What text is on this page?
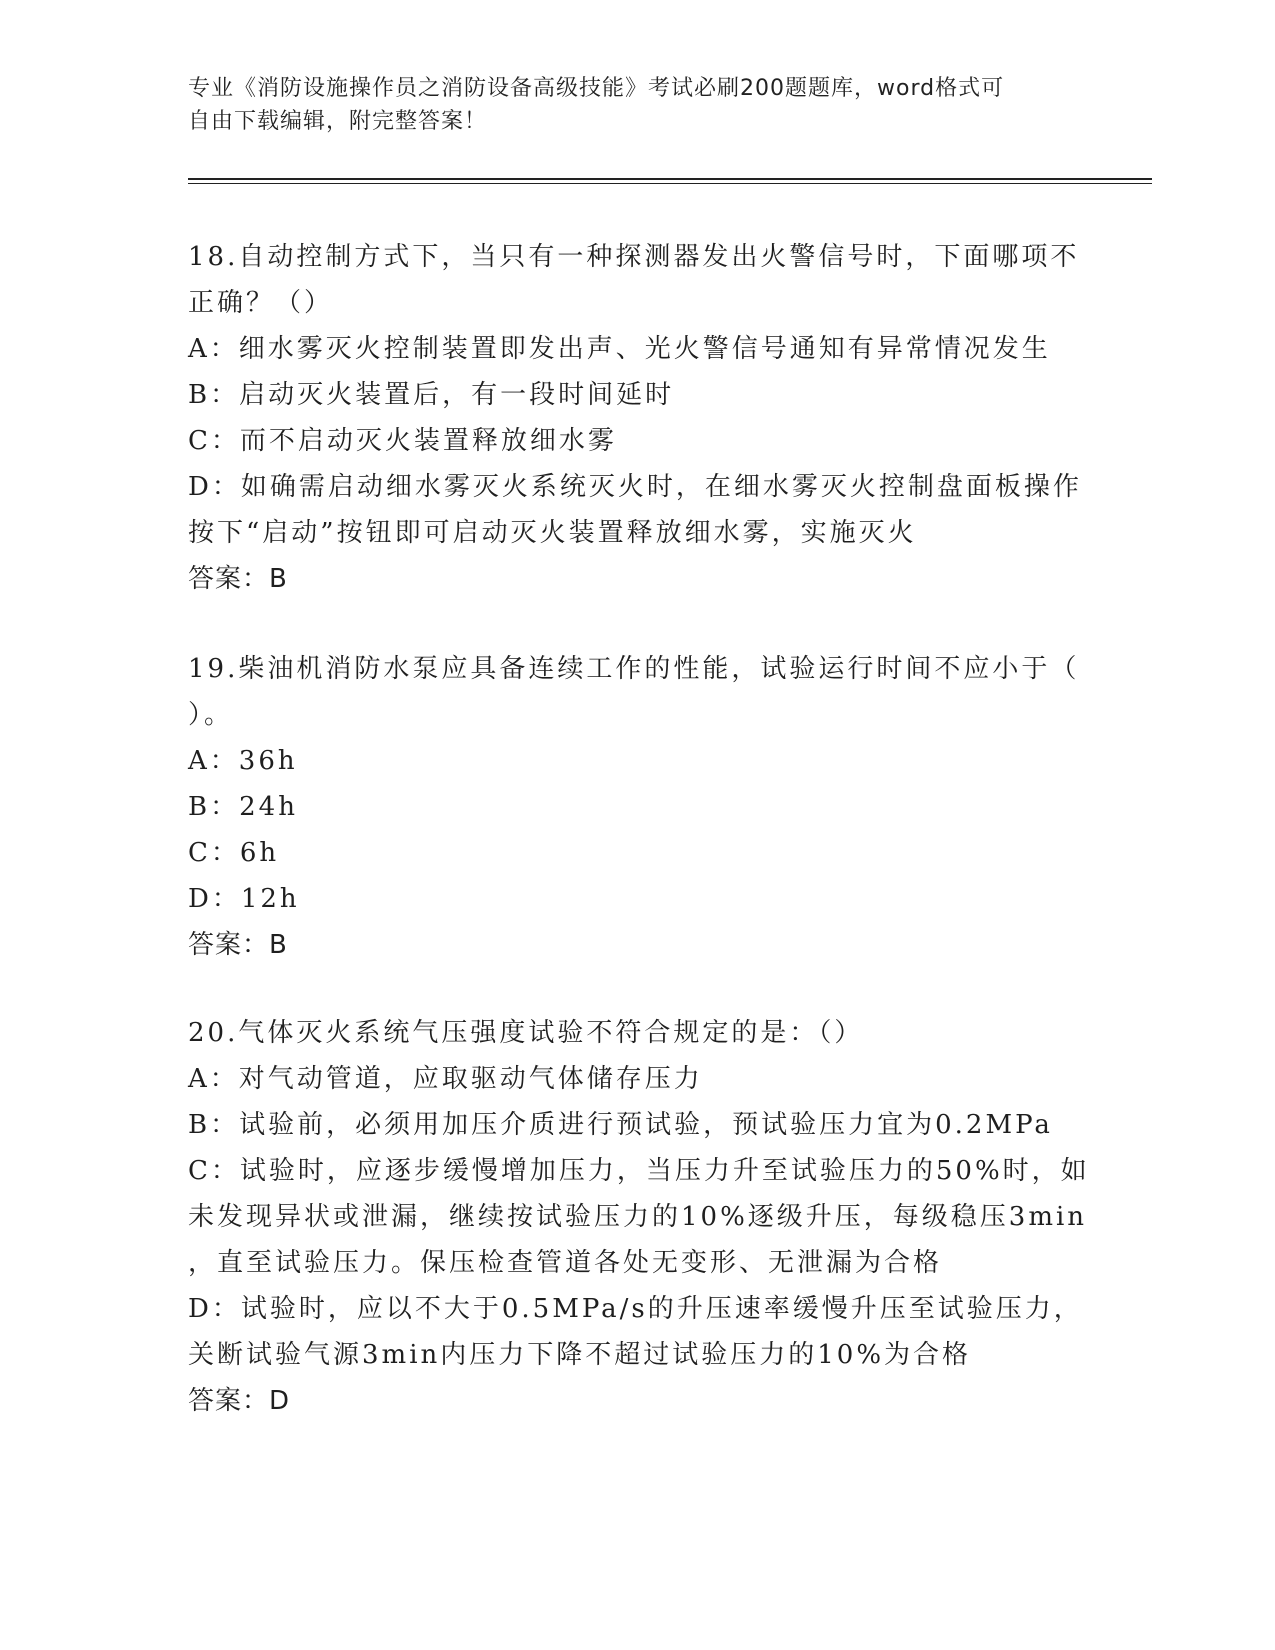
专业《消防设施操作员之消防设备高级技能》考试必刷200题题库，word格式可
自由下载编辑，附完整答案！
18.自动控制方式下，当只有一种探测器发出火警信号时，下面哪项不
正确？（）
A：细水雾灭火控制装置即发出声、光火警信号通知有异常情况发生
B：启动灭火装置后，有一段时间延时
C：而不启动灭火装置释放细水雾
D：如确需启动细水雾灭火系统灭火时，在细水雾灭火控制盘面板操作
按下“启动”按钮即可启动灭火装置释放细水雾，实施灭火
答案：B
19.柴油机消防水泵应具备连续工作的性能，试验运行时间不应小于（
）。
A：36h
B：24h
C：6h
D：12h
答案：B
20.气体灭火系统气压强度试验不符合规定的是：（）
A：对气动管道，应取驱动气体储存压力
B：试验前，必须用加压介质进行预试验，预试验压力宜为0.2MPa
C：试验时，应逐步缓慢增加压力，当压力升至试验压力的50%时，如
未发现异状或泄漏，继续按试验压力的10%逐级升压，每级稳压3min
，直至试验压力。保压检查管道各处无变形、无泄漏为合格
D：试验时，应以不大于0.5MPa/s的升压速率缓慢升压至试验压力，
关断试验气源3min内压力下降不超过试验压力的10%为合格
答案：D
